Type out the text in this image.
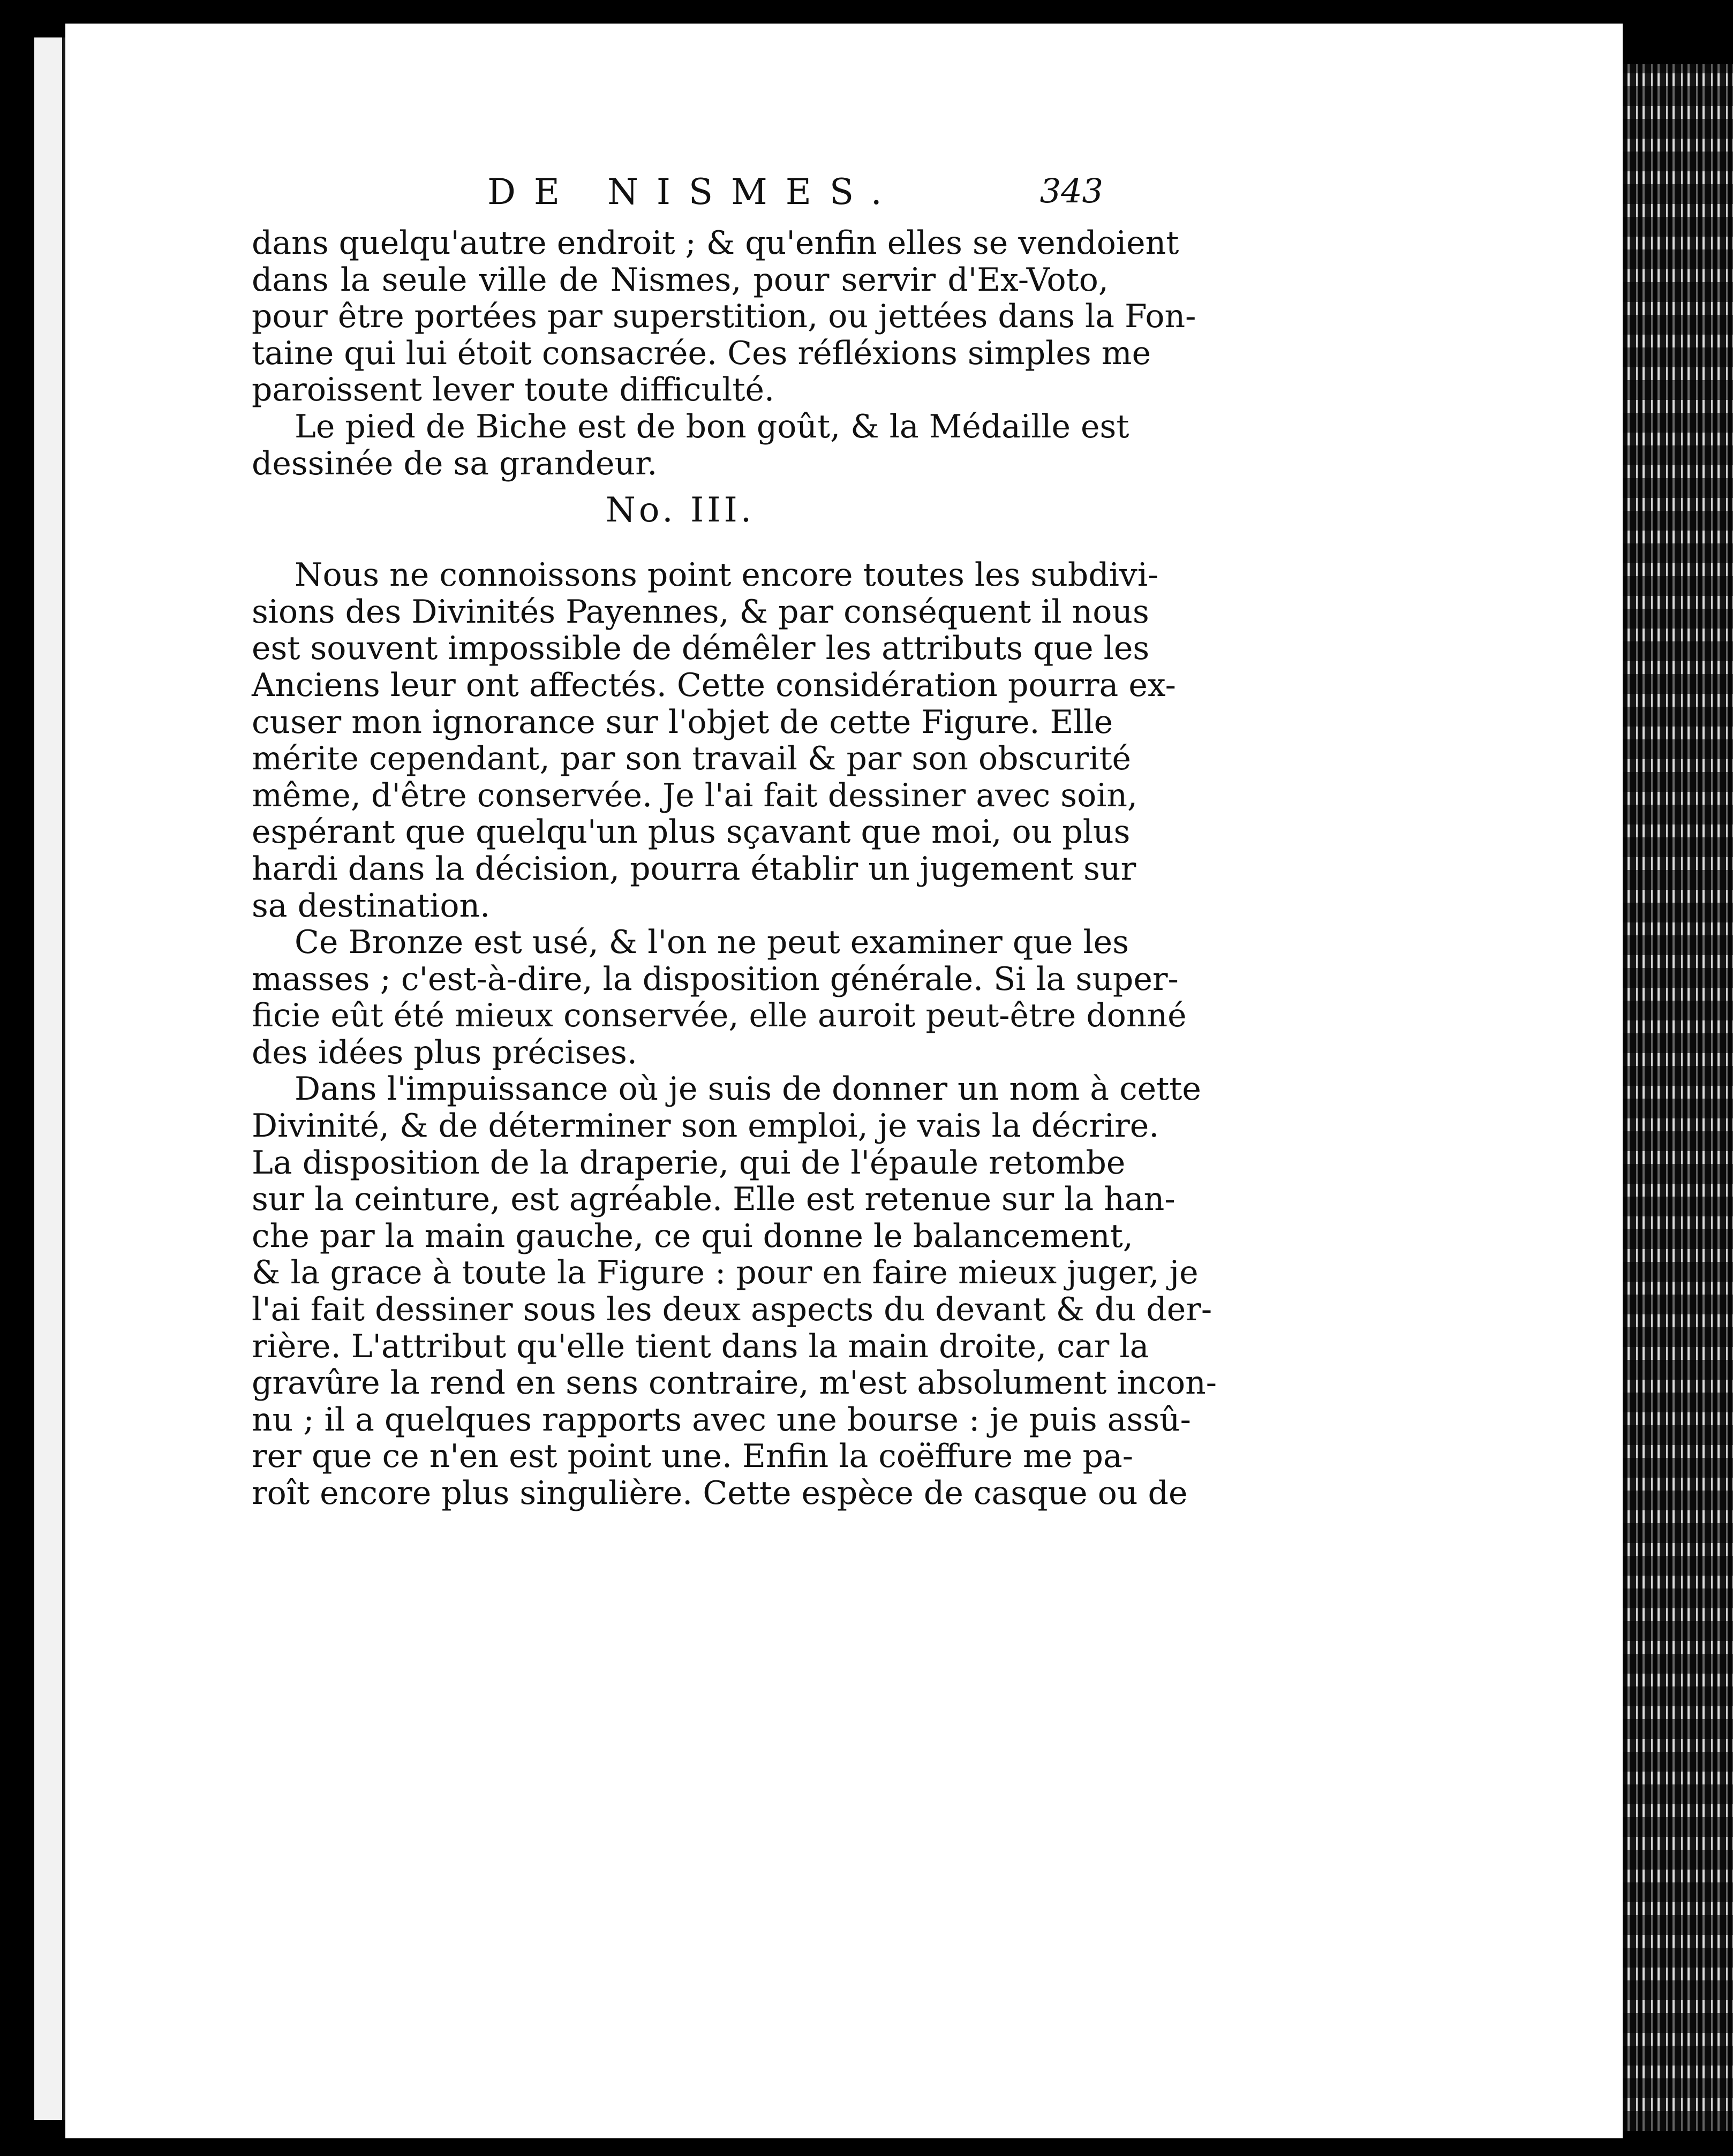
DE NISMES.	343
dans quelqu'autre endroit ; & qu'enfin elles se vendoient
dans la seule ville de Nismes, pour servir d'Ex-Voto,
pour être portées par superstition, ou jettées dans la Fon-
taine qui lui étoit consacrée. Ces réfléxions simples me
paroissent lever toute difficulté.
Le pied de Biche est de bon goût, & la Médaille est
dessinée de sa grandeur.
No. III.
Nous ne connoissons point encore toutes les subdivi-
sions des Divinités Payennes, & par conséquent il nous
est souvent impossible de démêler les attributs que les
Anciens leur ont affectés. Cette considération pourra ex-
cuser mon ignorance sur l'objet de cette Figure. Elle
mérite cependant, par son travail & par son obscurité
même, d'être conservée. Je l'ai fait dessiner avec soin,
espérant que quelqu'un plus sçavant que moi, ou plus
hardi dans la décision, pourra établir un jugement sur
sa destination.
Ce Bronze est usé, & l'on ne peut examiner que les
masses ; c'est-à-dire, la disposition générale. Si la super-
ficie eût été mieux conservée, elle auroit peut-être donné
des idées plus précises.
Dans l'impuissance où je suis de donner un nom à cette
Divinité, & de déterminer son emploi, je vais la décrire.
La disposition de la draperie, qui de l'épaule retombe
sur la ceinture, est agréable. Elle est retenue sur la han-
che par la main gauche, ce qui donne le balancement,
& la grace à toute la Figure : pour en faire mieux juger, je
l'ai fait dessiner sous les deux aspects du devant & du der-
rière. L'attribut qu'elle tient dans la main droite, car la
gravûre la rend en sens contraire, m'est absolument incon-
nu ; il a quelques rapports avec une bourse : je puis assû-
rer que ce n'en est point une. Enfin la coëffure me pa-
roît encore plus singulière. Cette espèce de casque ou de
